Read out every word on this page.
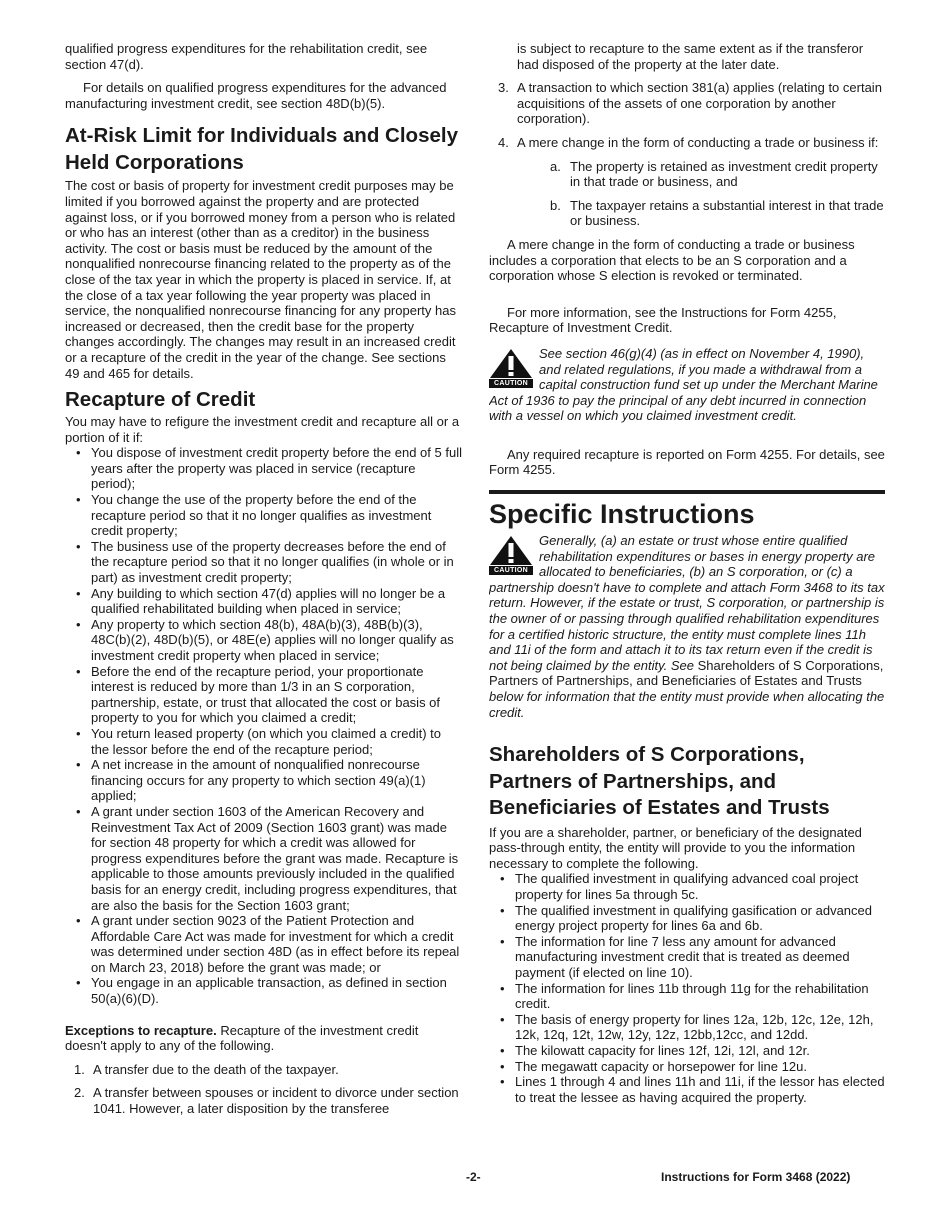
qualified progress expenditures for the rehabilitation credit, see section 47(d).

For details on qualified progress expenditures for the advanced manufacturing investment credit, see section 48D(b)(5).

At-Risk Limit for Individuals and Closely Held Corporations

The cost or basis of property for investment credit purposes may be limited if you borrowed against the property and are protected against loss, or if you borrowed money from a person who is related or who has an interest (other than as a creditor) in the business activity. The cost or basis must be reduced by the amount of the nonqualified nonrecourse financing related to the property as of the close of the tax year in which the property is placed in service. If, at the close of a tax year following the year property was placed in service, the nonqualified nonrecourse financing for any property has increased or decreased, then the credit base for the property changes accordingly. The changes may result in an increased credit or a recapture of the credit in the year of the change. See sections 49 and 465 for details.

Recapture of Credit

You may have to refigure the investment credit and recapture all or a portion of it if:

• You dispose of investment credit property before the end of 5 full years after the property was placed in service (recapture period);
• You change the use of the property before the end of the recapture period so that it no longer qualifies as investment credit property;
• The business use of the property decreases before the end of the recapture period so that it no longer qualifies (in whole or in part) as investment credit property;
• Any building to which section 47(d) applies will no longer be a qualified rehabilitated building when placed in service;
• Any property to which section 48(b), 48A(b)(3), 48B(b)(3), 48C(b)(2), 48D(b)(5), or 48E(e) applies will no longer qualify as investment credit property when placed in service;
• Before the end of the recapture period, your proportionate interest is reduced by more than 1/3 in an S corporation, partnership, estate, or trust that allocated the cost or basis of property to you for which you claimed a credit;
• You return leased property (on which you claimed a credit) to the lessor before the end of the recapture period;
• A net increase in the amount of nonqualified nonrecourse financing occurs for any property to which section 49(a)(1) applied;
• A grant under section 1603 of the American Recovery and Reinvestment Tax Act of 2009 (Section 1603 grant) was made for section 48 property for which a credit was allowed for progress expenditures before the grant was made. Recapture is applicable to those amounts previously included in the qualified basis for an energy credit, including progress expenditures, that are also the basis for the Section 1603 grant;
• A grant under section 9023 of the Patient Protection and Affordable Care Act was made for investment for which a credit was determined under section 48D (as in effect before its repeal on March 23, 2018) before the grant was made; or
• You engage in an applicable transaction, as defined in section 50(a)(6)(D).

Exceptions to recapture. Recapture of the investment credit doesn't apply to any of the following.

1. A transfer due to the death of the taxpayer.
2. A transfer between spouses or incident to divorce under section 1041. However, a later disposition by the transferee
is subject to recapture to the same extent as if the transferor had disposed of the property at the later date.
3. A transaction to which section 381(a) applies (relating to certain acquisitions of the assets of one corporation by another corporation).
4. A mere change in the form of conducting a trade or business if:
a. The property is retained as investment credit property in that trade or business, and
b. The taxpayer retains a substantial interest in that trade or business.

A mere change in the form of conducting a trade or business includes a corporation that elects to be an S corporation and a corporation whose S election is revoked or terminated.

For more information, see the Instructions for Form 4255, Recapture of Investment Credit.

CAUTION
See section 46(g)(4) (as in effect on November 4, 1990), and related regulations, if you made a withdrawal from a capital construction fund set up under the Merchant Marine Act of 1936 to pay the principal of any debt incurred in connection with a vessel on which you claimed investment credit.

Any required recapture is reported on Form 4255. For details, see Form 4255.

Specific Instructions
CAUTION
Generally, (a) an estate or trust whose entire qualified rehabilitation expenditures or bases in energy property are allocated to beneficiaries, (b) an S corporation, or (c) a partnership doesn't have to complete and attach Form 3468 to its tax return. However, if the estate or trust, S corporation, or partnership is the owner of or passing through qualified rehabilitation expenditures for a certified historic structure, the entity must complete lines 11h and 11i of the form and attach it to its tax return even if the credit is not being claimed by the entity. See Shareholders of S Corporations, Partners of Partnerships, and Beneficiaries of Estates and Trusts below for information that the entity must provide when allocating the credit.
Shareholders of S Corporations, Partners of Partnerships, and Beneficiaries of Estates and Trusts

If you are a shareholder, partner, or beneficiary of the designated pass-through entity, the entity will provide to you the information necessary to complete the following.

• The qualified investment in qualifying advanced coal project property for lines 5a through 5c.
• The qualified investment in qualifying gasification or advanced energy project property for lines 6a and 6b.
• The information for line 7 less any amount for advanced manufacturing investment credit that is treated as deemed payment (if elected on line 10).
• The information for lines 11b through 11g for the rehabilitation credit.
• The basis of energy property for lines 12a, 12b, 12c, 12e, 12h, 12k, 12q, 12t, 12w, 12y, 12z, 12bb,12cc, and 12dd.
• The kilowatt capacity for lines 12f, 12i, 12l, and 12r.
• The megawatt capacity or horsepower for line 12u.
• Lines 1 through 4 and lines 11h and 11i, if the lessor has elected to treat the lessee as having acquired the property.
-2-	Instructions for Form 3468 (2022)
